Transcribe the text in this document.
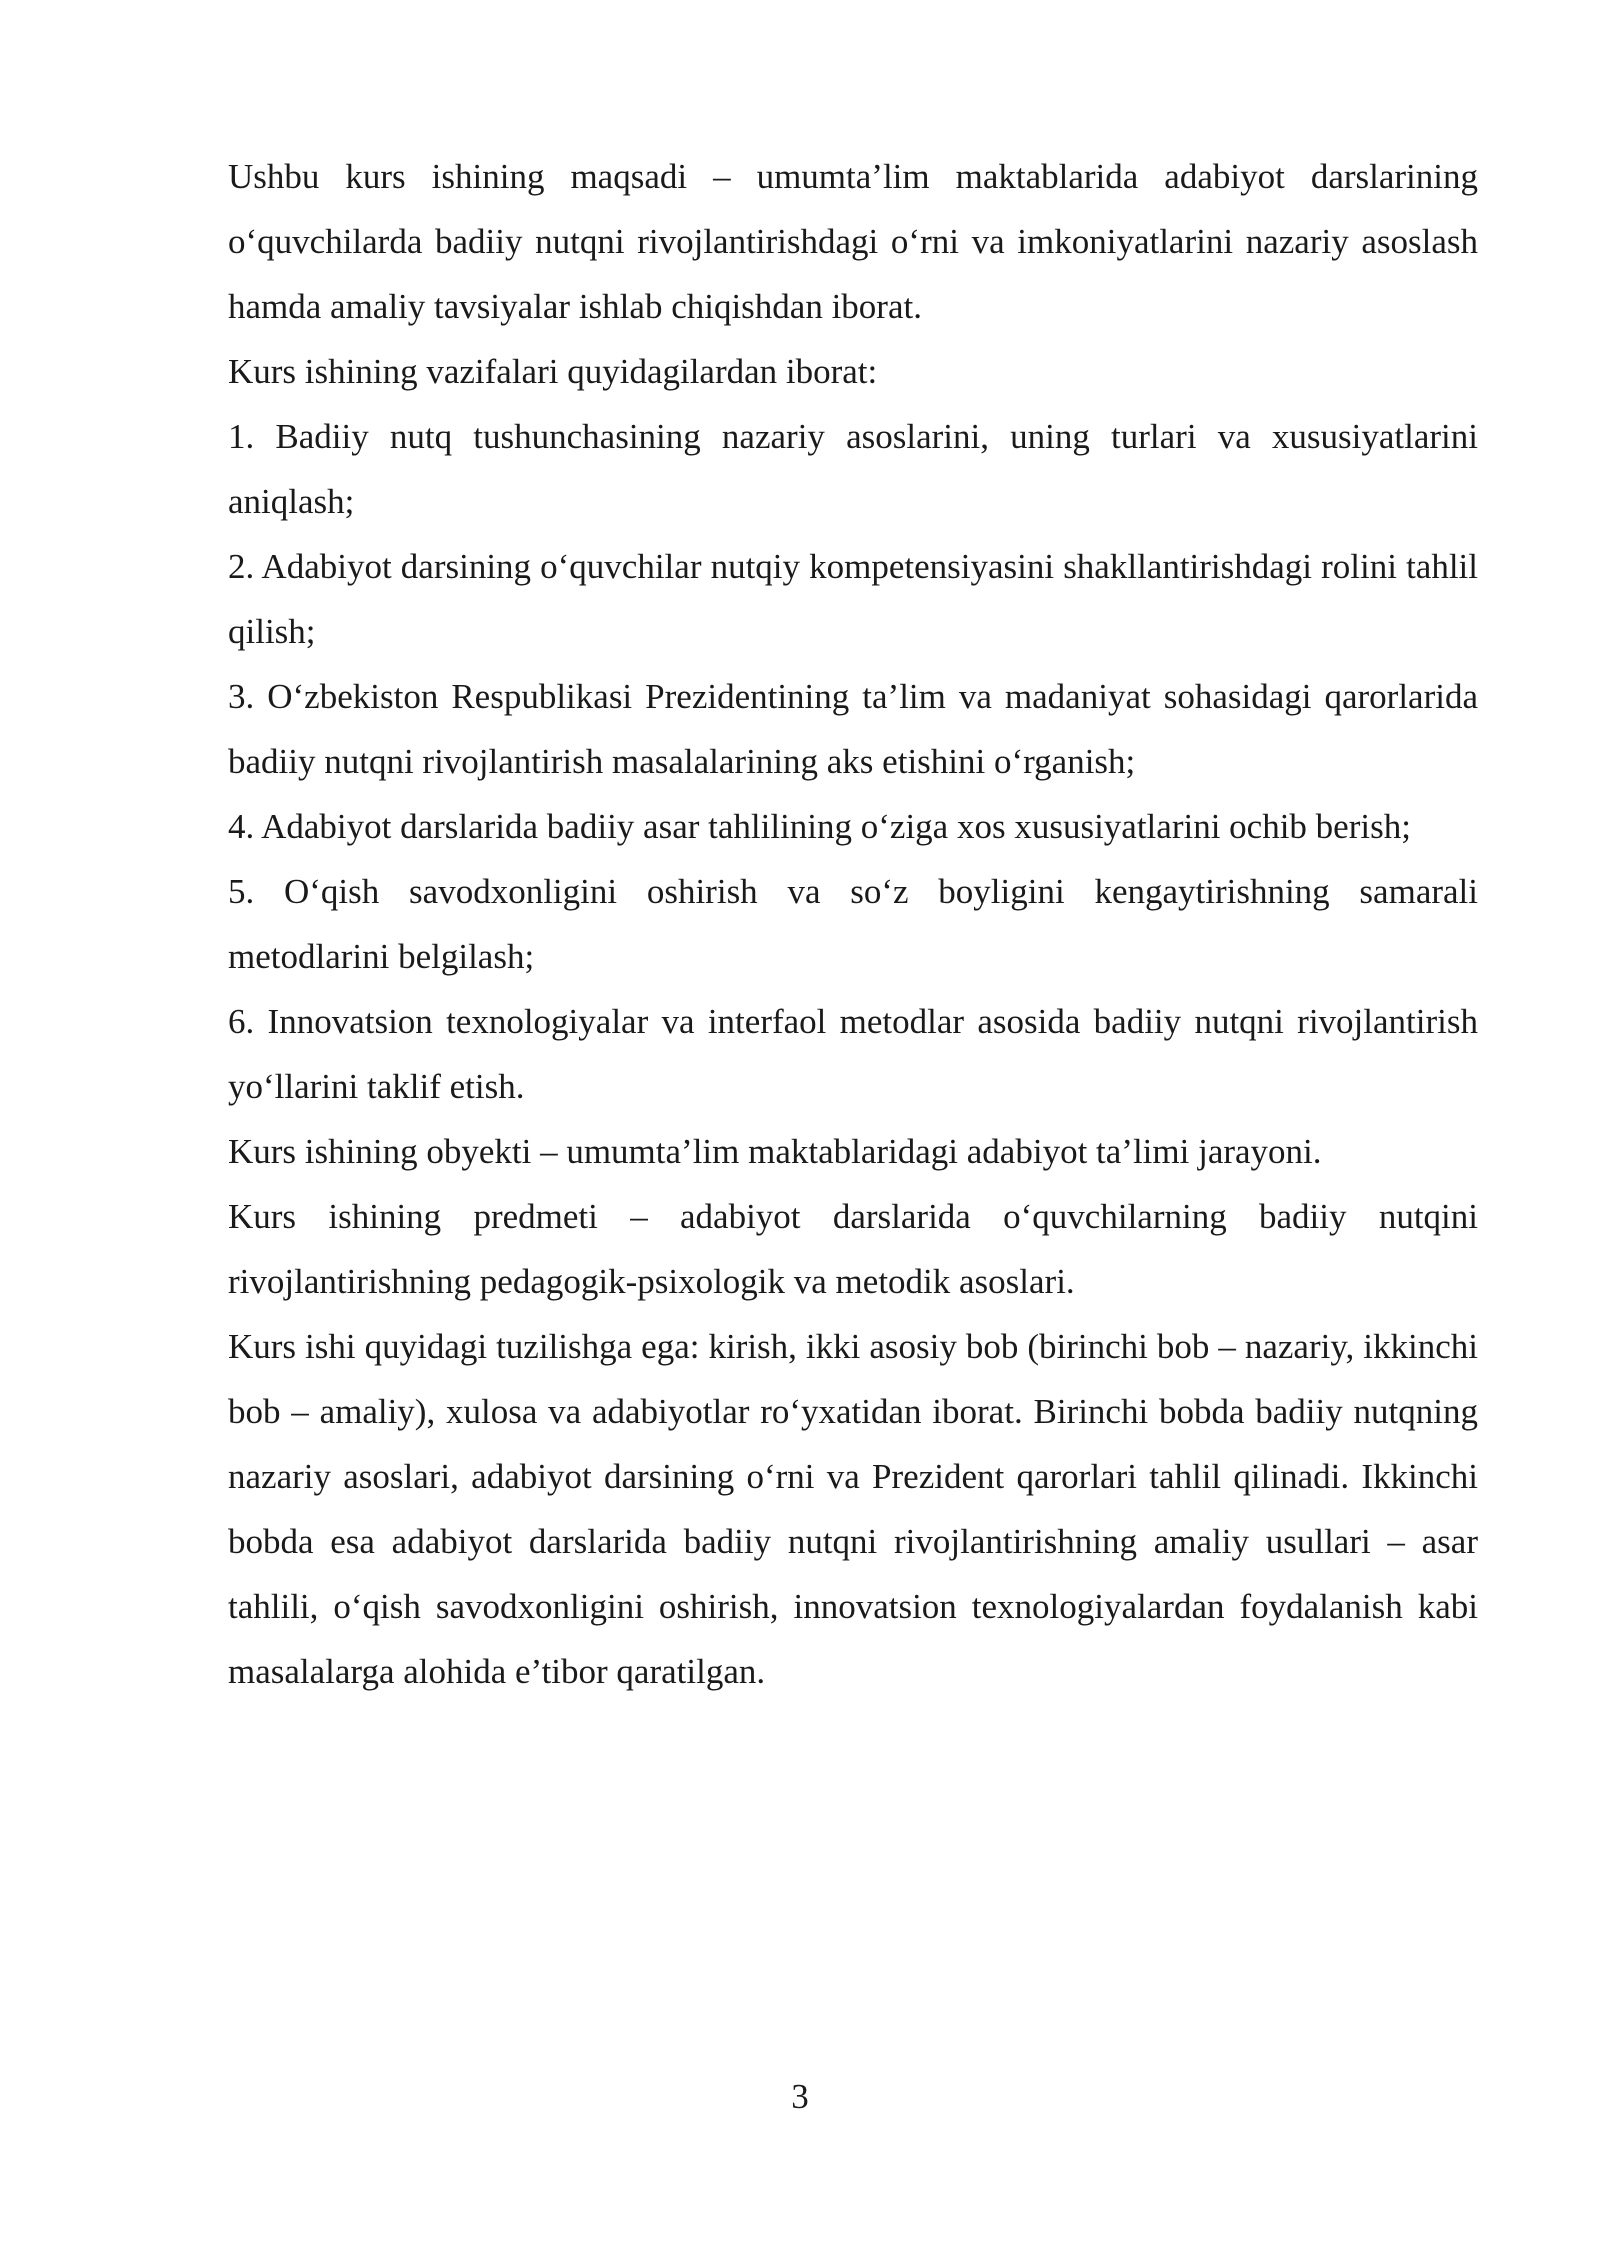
Ushbu kurs ishining maqsadi – umumta’lim maktablarida adabiyot darslarining o‘quvchilarda badiiy nutqni rivojlantirishdagi o‘rni va imkoniyatlarini nazariy asoslash hamda amaliy tavsiyalar ishlab chiqishdan iborat.

Kurs ishining vazifalari quyidagilardan iborat:

1. Badiiy nutq tushunchasining nazariy asoslarini, uning turlari va xususiyatlarini aniqlash;

2. Adabiyot darsining o‘quvchilar nutqiy kompetensiyasini shakllantirishdagi rolini tahlil qilish;

3. O‘zbekiston Respublikasi Prezidentining ta’lim va madaniyat sohasidagi qarorlarida badiiy nutqni rivojlantirish masalalarining aks etishini o‘rganish;

4. Adabiyot darslarida badiiy asar tahlilining o‘ziga xos xususiyatlarini ochib berish;

5. O‘qish savodxonligini oshirish va so‘z boyligini kengaytirishning samarali metodlarini belgilash;

6. Innovatsion texnologiyalar va interfaol metodlar asosida badiiy nutqni rivojlantirish yo‘llarini taklif etish.

Kurs ishining obyekti – umumta’lim maktablaridagi adabiyot ta’limi jarayoni.

Kurs ishining predmeti – adabiyot darslarida o‘quvchilarning badiiy nutqini rivojlantirishning pedagogik-psixologik va metodik asoslari.

Kurs ishi quyidagi tuzilishga ega: kirish, ikki asosiy bob (birinchi bob – nazariy, ikkinchi bob – amaliy), xulosa va adabiyotlar ro‘yxatidan iborat. Birinchi bobda badiiy nutqning nazariy asoslari, adabiyot darsining o‘rni va Prezident qarorlari tahlil qilinadi. Ikkinchi bobda esa adabiyot darslarida badiiy nutqni rivojlantirishning amaliy usullari – asar tahlili, o‘qish savodxonligini oshirish, innovatsion texnologiyalardan foydalanish kabi masalalarga alohida e’tibor qaratilgan.

3
